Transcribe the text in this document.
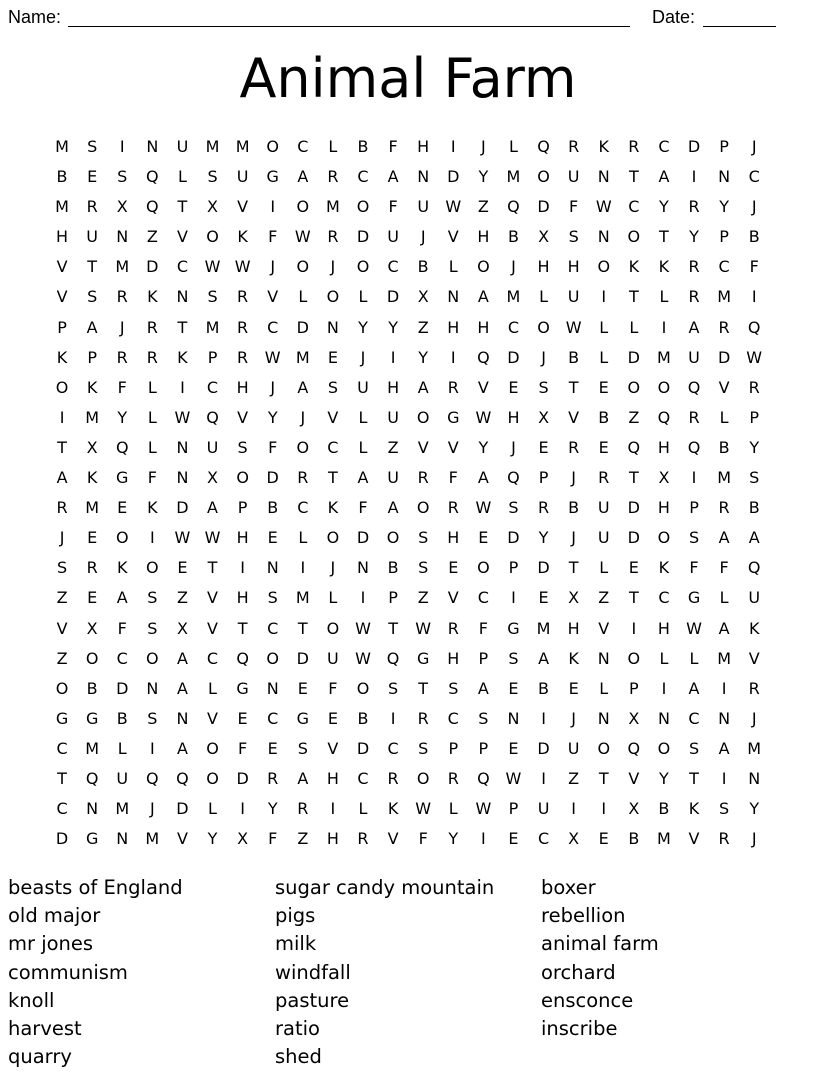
Name:	Date:
Animal Farm
M	S	I	N	U	M	M	O	C	L	B	F	H	I	J	L	Q	R	K	R	C	D	P	J
B	E	S	Q	L	S	U	G	A	R	C	A	N	D	Y	M	O	U	N	T	A	I	N	C
M	R	X	Q	T	X	V	I	O	M	O	F	U	W	Z	Q	D	F	W	C	Y	R	Y	J
H	U	N	Z	V	O	K	F	W	R	D	U	J	V	H	B	X	S	N	O	T	Y	P	B
V	T	M	D	C	W W	J	O	J	O	C	B	L	O	J	H	H	O	K	K	R	C	F
V	S	R	K	N	S	R	V	L	O	L	D	X	N	A	M	L	U	I	T	L	R	M	I
P	A	J	R	T	M	R	C	D	N	Y	Y	Z	H	H	C	O W	L	L	I	A	R	Q
K	P	R	R	K	P	R	W M	E	J	I	Y	I	Q	D	J	B	L	D	M	U	D	W
O	K	F	L	I	C	H	J	A	S	U	H	A	R	V	E	S	T	E	O	O	Q	V	R
I	M	Y	L	W Q	V	Y	J	V	L	U	O	G W	H	X	V	B	Z	Q	R	L	P
T	X	Q	L	N	U	S	F	O	C	L	Z	V	V	Y	J	E	R	E	Q	H	Q	B	Y
A	K	G	F	N	X	O	D	R	T	A	U	R	F	A	Q	P	J	R	T	X	I	M	S
R	M	E	K	D	A	P	B	C	K	F	A	O	R	W	S	R	B	U	D	H	P	R	B
J	E	O	I	W W	H	E	L	O	D	O	S	H	E	D	Y	J	U	D	O	S	A	A
S	R	K	O	E	T	I	N	I	J	N	B	S	E	O	P	D	T	L	E	K	F	F	Q
Z	E	A	S	Z	V	H	S	M	L	I	P	Z	V	C	I	E	X	Z	T	C	G	L	U
V	X	F	S	X	V	T	C	T	O W	T	W	R	F	G	M	H	V	I	H	W	A	K
Z	O	C	O	A	C	Q	O	D	U	W Q	G	H	P	S	A	K	N	O	L	L	M	V
O	B	D	N	A	L	G	N	E	F	O	S	T	S	A	E	B	E	L	P	I	A	I	R
G	G	B	S	N	V	E	C	G	E	B	I	R	C	S	N	I	J	N	X	N	C	N	J
C	M	L	I	A	O	F	E	S	V	D	C	S	P	P	E	D	U	O	Q	O	S	A	M
T	Q	U	Q	Q	O	D	R	A	H	C	R	O	R	Q W	I	Z	T	V	Y	T	I	N
C	N	M	J	D	L	I	Y	R	I	L	K	W	L	W	P	U	I	I	X	B	K	S	Y
D	G	N	M	V	Y	X	F	Z	H	R	V	F	Y	I	E	C	X	E	B	M	V	R	J
beasts of England
old major
mr jones
communism
knoll
harvest
quarry
sugar candy mountain
pigs
milk
windfall
pasture
ratio
shed
boxer
rebellion
animal farm
orchard
ensconce
inscribe
